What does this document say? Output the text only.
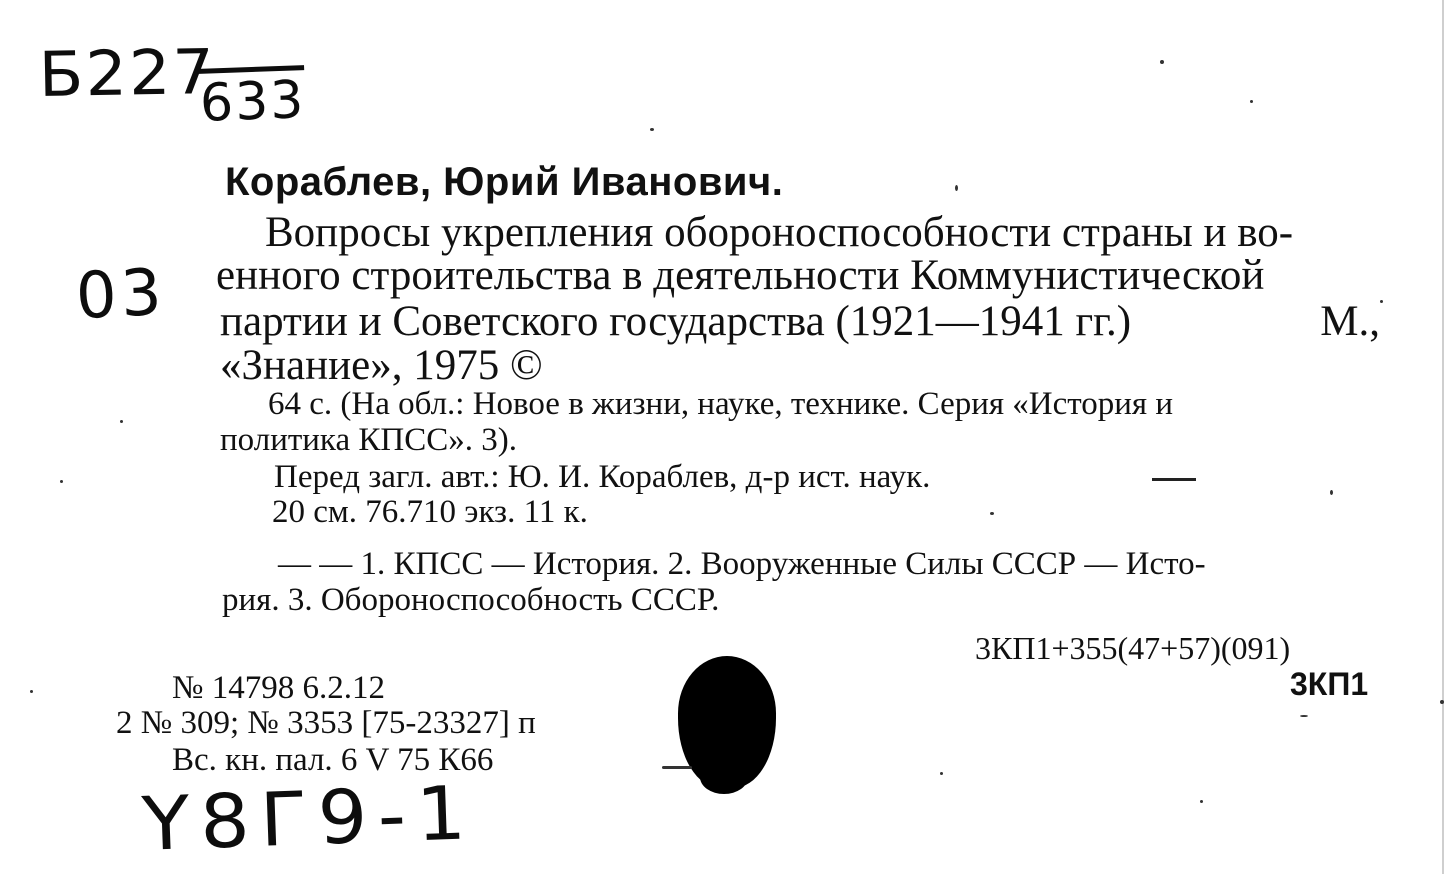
Б227
633
03
Y8Г9-1
Кораблев, Юрий Иванович.
Вопросы укрепления обороноспособности страны и во-
енного строительства в деятельности Коммунистической
партии и Советского государства (1921—1941 гг.)	М.,
«Знание», 1975 ©
64 с. (На обл.: Новое в жизни, науке, технике. Серия «История и
политика КПСС». 3).
Перед загл. авт.: Ю. И. Кораблев, д-р ист. наук.
20 см. 76.710 экз. 11 к.
— — 1. КПСС — История. 2. Вооруженные Силы СССР — Исто-
рия. 3. Обороноспособность СССР.
3КП1+355(47+57)(091)
3КП1
№ 14798 6.2.12
2 № 309; № 3353 [75-23327] п
Вс. кн. пал. 6 V 75 К66
